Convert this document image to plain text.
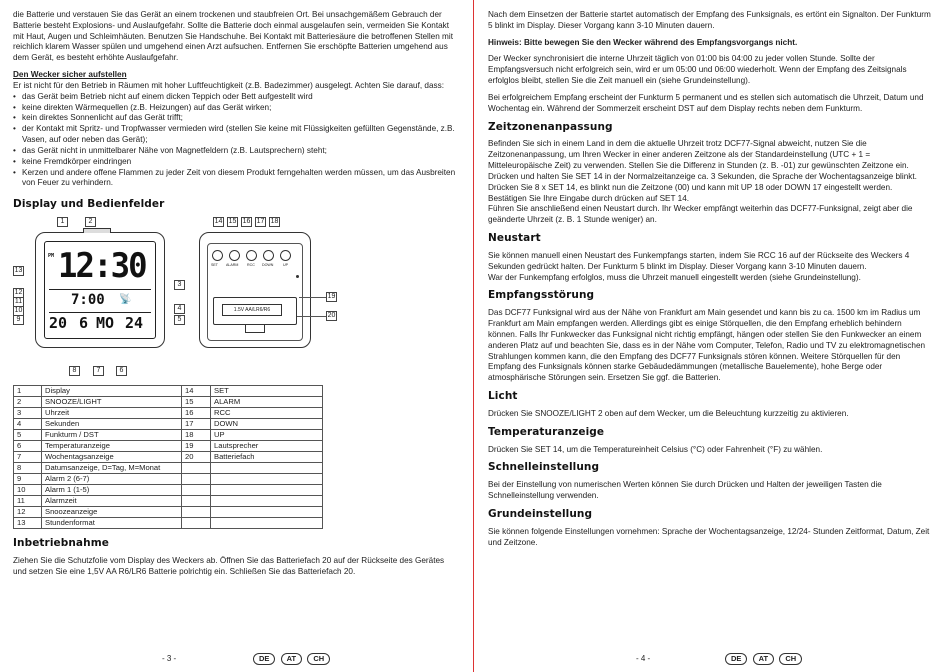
die Batterie und verstauen Sie das Gerät an einem trockenen und staubfreien Ort. Bei unsachgemäßem Gebrauch der Batterie besteht Explosions- und Auslaufgefahr. Sollte die Batterie doch einmal ausgelaufen sein, vermeiden Sie Kontakt mit Haut, Augen und Schleimhäuten. Benutzen Sie Handschuhe. Bei Kontakt mit Batteriesäure die betroffenen Stellen mit reichlich klarem Wasser spülen und umgehend einen Arzt aufsuchen. Entfernen Sie erschöpfte Batterien umgehend aus dem Gerät, es besteht erhöhte Auslaufgefahr.

Den Wecker sicher aufstellen

Er ist nicht für den Betrieb in Räumen mit hoher Luftfeuchtigkeit (z.B. Badezimmer) ausgelegt. Achten Sie darauf, dass:

• das Gerät beim Betrieb nicht auf einem dicken Teppich oder Bett aufgestellt wird
• keine direkten Wärmequellen (z.B. Heizungen) auf das Gerät wirken;
• kein direktes Sonnenlicht auf das Gerät trifft;
• der Kontakt mit Spritz- und Tropfwasser vermieden wird (stellen Sie keine mit Flüssigkeiten gefüllten Gegenstände, z.B. Vasen, auf oder neben das Gerät);
• das Gerät nicht in unmittelbarer Nähe von Magnetfeldern (z.B. Lautsprechern) steht;
• keine Fremdkörper eindringen
• Kerzen und andere offene Flammen zu jeder Zeit von diesem Produkt ferngehalten werden müssen, um das Ausbreiten von Feuer zu verhindern.
Display und Bedienfelder
1	2
PM 12:30
7:00 📡
20 6 MO 24
13
12
11
10
9
3
4
5
8	7	6
14 15 16 17 18
SET ALARM RCC DOWN	UP
1.5V AA/LR6/R6
19
20
1	Display	14	SET
2	SNOOZE/LIGHT	15	ALARM
3	Uhrzeit	16	RCC
4	Sekunden	17	DOWN
5	Funkturm / DST	18	UP
6	Temperaturanzeige	19	Lautsprecher
7	Wochentagsanzeige	20	Batteriefach
8	Datumsanzeige, D=Tag, M=Monat		
9	Alarm 2 (6-7)		
10	Alarm 1 (1-5)		
11	Alarmzeit		
12	Snoozeanzeige		
13	Stundenformat		
Inbetriebnahme

Ziehen Sie die Schutzfolie vom Display des Weckers ab. Öffnen Sie das Batteriefach 20 auf der Rückseite des Gerätes und setzen Sie eine 1,5V AA R6/LR6 Batterie polrichtig ein. Schließen Sie das Batteriefach 20.

- 3 -	DE AT CH

Nach dem Einsetzen der Batterie startet automatisch der Empfang des Funksignals, es ertönt ein Signalton. Der Funkturm 5 blinkt im Display. Dieser Vorgang kann 3-10 Minuten dauern.

Hinweis: Bitte bewegen Sie den Wecker während des Empfangsvorgangs nicht.

Der Wecker synchronisiert die interne Uhrzeit täglich von 01:00 bis 04:00 zu jeder vollen Stunde. Sollte der Empfangsversuch nicht erfolgreich sein, wird er um 05:00 und 06:00 wiederholt. Wenn der Empfang des Zeitsignals erfolglos bleibt, stellen Sie die Zeit manuell ein (siehe Grundeinstellung).

Bei erfolgreichem Empfang erscheint der Funkturm 5 permanent und es stellen sich automatisch die Uhrzeit, Datum und Wochentag ein. Während der Sommerzeit erscheint DST auf dem Display rechts neben dem Funkturm.

Zeitzonenanpassung

Befinden Sie sich in einem Land in dem die aktuelle Uhrzeit trotz DCF77-Signal abweicht, nutzen Sie die Zeitzonenanpassung, um Ihren Wecker in einer anderen Zeitzone als der Standardeinstellung (UTC + 1 = Mitteleuropäische Zeit) zu verwenden. Stellen Sie die Differenz in Stunden (z. B. -01) zur gewünschten Zeitzone ein. Drücken und halten Sie SET 14 in der Normalzeitanzeige ca. 3 Sekunden, die Sprache der Wochentagsanzeige blinkt. Drücken Sie 8 x SET 14, es blinkt nun die Zeitzone (00) und kann mit UP 18 oder DOWN 17 eingestellt werden. Bestätigen Sie Ihre Eingabe durch drücken auf SET 14.

Führen Sie anschließend einen Neustart durch. Ihr Wecker empfängt weiterhin das DCF77-Funksignal, zeigt aber die geänderte Uhrzeit (z. B. 1 Stunde weniger) an.

Neustart

Sie können manuell einen Neustart des Funkempfangs starten, indem Sie RCC 16 auf der Rückseite des Weckers 4 Sekunden gedrückt halten. Der Funkturm 5 blinkt im Display. Dieser Vorgang kann 3-10 Minuten dauern.

War der Funkempfang erfolglos, muss die Uhrzeit manuell eingestellt werden (siehe Grundeinstellung).

Empfangsstörung

Das DCF77 Funksignal wird aus der Nähe von Frankfurt am Main gesendet und kann bis zu ca. 1500 km im Radius um Frankfurt am Main empfangen werden. Allerdings gibt es einige Störquellen, die den Empfang erheblich behindern können. Falls Ihr Funkwecker das Funksignal nicht richtig empfängt, hängen oder stellen Sie den Funkwecker an einem anderen Platz auf und beachten Sie, dass es in der Nähe vom Computer, Telefon, Radio und TV zu elektromagnetischen Strahlungen kommen kann, die den Empfang des DCF77 Funksignals stören können. Weitere Störquellen für den Empfang des Funksignals können starke Gebäudedämmungen (metallische Bauelemente), hohe Berge oder atmosphärische Störungen sein. Ersetzen Sie ggf. die Batterien.

Licht

Drücken Sie SNOOZE/LIGHT 2 oben auf dem Wecker, um die Beleuchtung kurzzeitig zu aktivieren.

Temperaturanzeige

Drücken Sie SET 14, um die Temperatureinheit Celsius (°C) oder Fahrenheit (°F) zu wählen.

Schnelleinstellung

Bei der Einstellung von numerischen Werten können Sie durch Drücken und Halten der jeweiligen Tasten die Schnelleinstellung verwenden.

Grundeinstellung

Sie können folgende Einstellungen vornehmen: Sprache der Wochentagsanzeige, 12/24- Stunden Zeitformat, Datum, Zeit und Zeitzone.

- 4 -	DE AT CH
